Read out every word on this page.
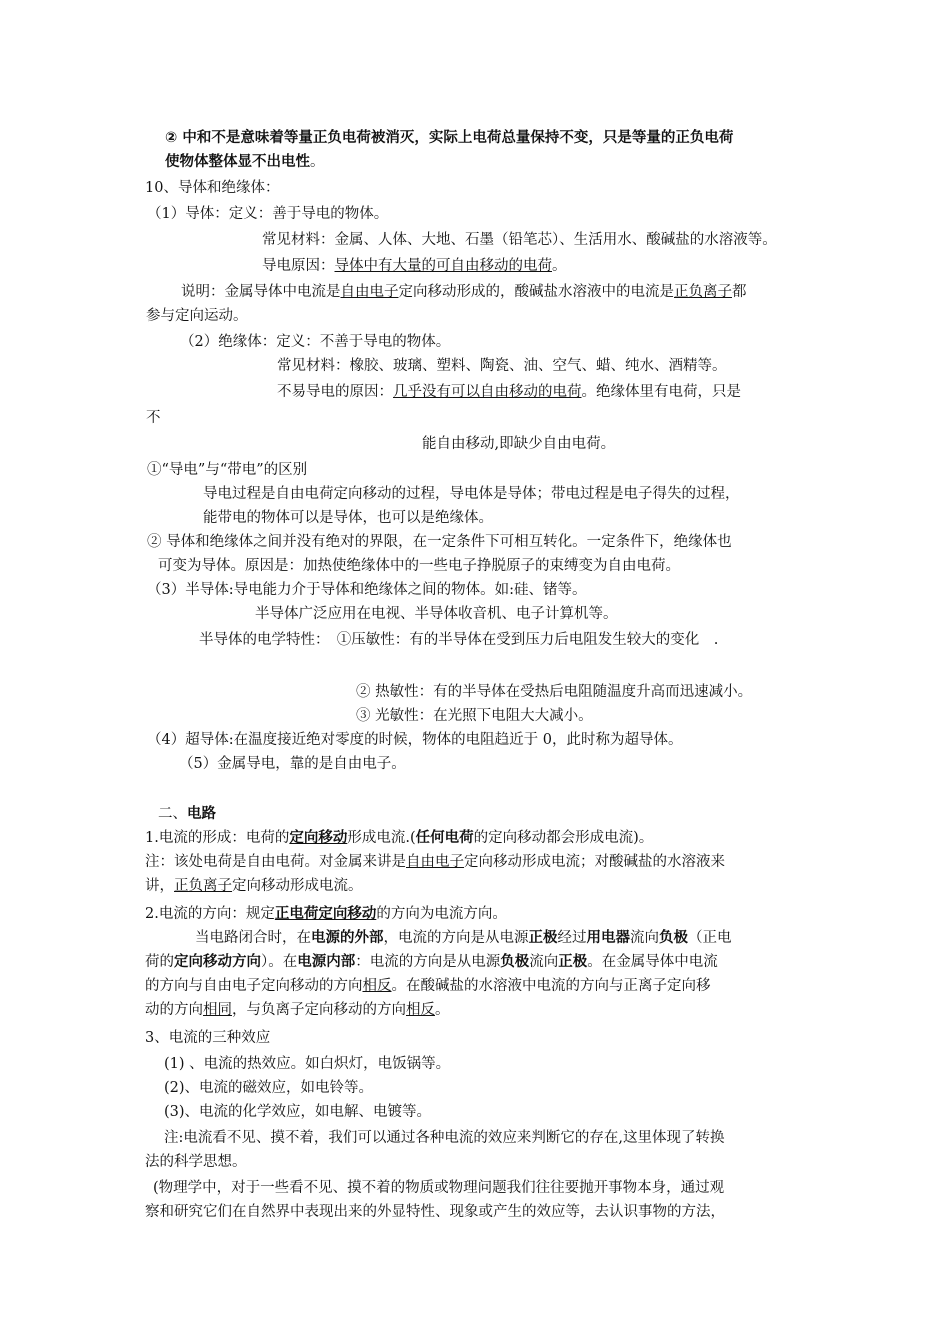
② 中和不是意味着等量正负电荷被消灭，实际上电荷总量保持不变，只是等量的正负电荷
使物体整体显不出电性。
10、导体和绝缘体：
（1）导体：定义：善于导电的物体。
常见材料：金属、人体、大地、石墨（铅笔芯）、生活用水、酸碱盐的水溶液等。
导电原因：导体中有大量的可自由移动的电荷。
说明：金属导体中电流是自由电子定向移动形成的，酸碱盐水溶液中的电流是正负离子都
参与定向运动。
（2）绝缘体：定义：不善于导电的物体。
常见材料：橡胶、玻璃、塑料、陶瓷、油、空气、蜡、纯水、酒精等。
不易导电的原因：几乎没有可以自由移动的电荷。绝缘体里有电荷，只是
不
能自由移动,即缺少自由电荷。
①“导电”与“带电”的区别
导电过程是自由电荷定向移动的过程，导电体是导体；带电过程是电子得失的过程，
能带电的物体可以是导体，也可以是绝缘体。
② 导体和绝缘体之间并没有绝对的界限，在一定条件下可相互转化。一定条件下，绝缘体也
可变为导体。原因是：加热使绝缘体中的一些电子挣脱原子的束缚变为自由电荷。
（3）半导体:导电能力介于导体和绝缘体之间的物体。如:硅、锗等。
半导体广泛应用在电视、半导体收音机、电子计算机等。
半导体的电学特性：　①压敏性：有的半导体在受到压力后电阻发生较大的变化　.
② 热敏性：有的半导体在受热后电阻随温度升高而迅速减小。
③ 光敏性：在光照下电阻大大减小。
（4）超导体:在温度接近绝对零度的时候，物体的电阻趋近于 0，此时称为超导体。
（5）金属导电，靠的是自由电子。
二、电路
1.电流的形成：电荷的定向移动形成电流.(任何电荷的定向移动都会形成电流)。
注：该处电荷是自由电荷。对金属来讲是自由电子定向移动形成电流；对酸碱盐的水溶液来
讲，正负离子定向移动形成电流。
2.电流的方向：规定正电荷定向移动的方向为电流方向。
当电路闭合时，在电源的外部，电流的方向是从电源正极经过用电器流向负极（正电
荷的定向移动方向）。在电源内部：电流的方向是从电源负极流向正极。在金属导体中电流
的方向与自由电子定向移动的方向相反。在酸碱盐的水溶液中电流的方向与正离子定向移
动的方向相同，与负离子定向移动的方向相反。
3、电流的三种效应
(1) 、电流的热效应。如白炽灯，电饭锅等。
(2)、电流的磁效应，如电铃等。
(3)、电流的化学效应，如电解、电镀等。
注:电流看不见、摸不着，我们可以通过各种电流的效应来判断它的存在,这里体现了转换
法的科学思想。
(物理学中，对于一些看不见、摸不着的物质或物理问题我们往往要抛开事物本身，通过观
察和研究它们在自然界中表现出来的外显特性、现象或产生的效应等，去认识事物的方法，
